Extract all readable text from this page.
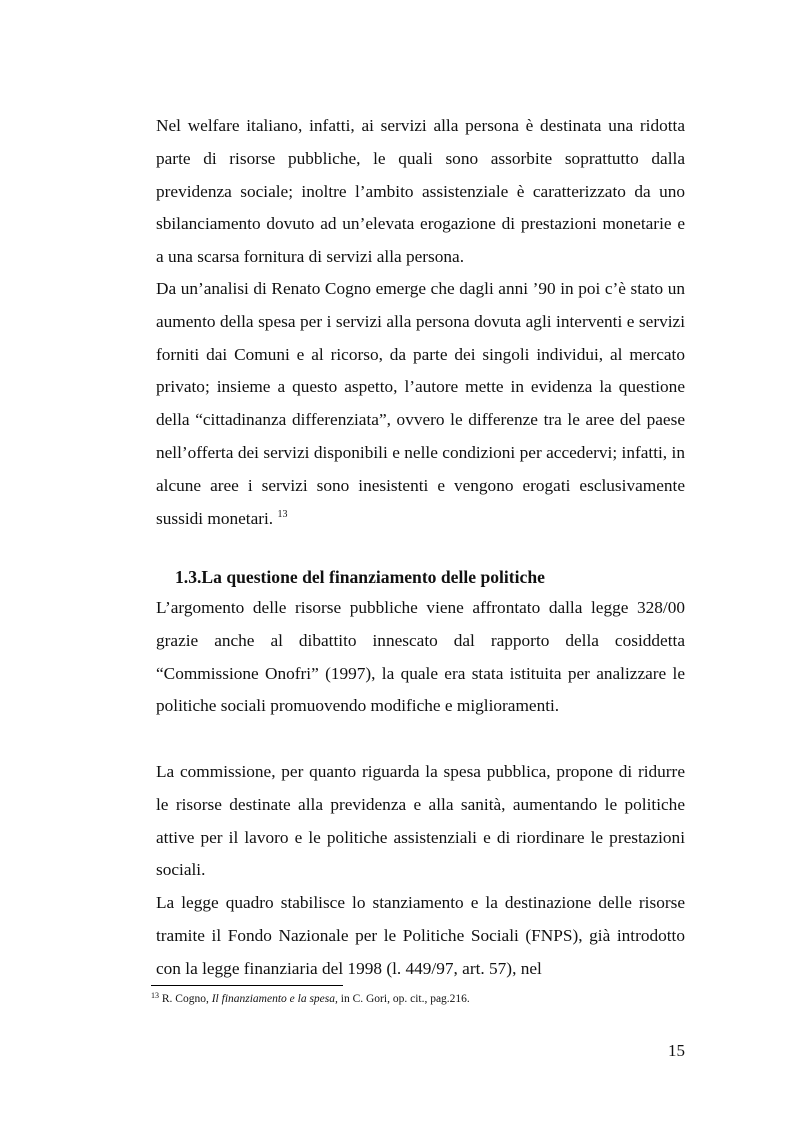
Nel welfare italiano, infatti, ai servizi alla persona è destinata una ridotta parte di risorse pubbliche, le quali sono assorbite soprattutto dalla previdenza sociale; inoltre l’ambito assistenziale è caratterizzato da uno sbilanciamento dovuto ad un’elevata erogazione di prestazioni monetarie e a una scarsa fornitura di servizi alla persona.

Da un’analisi di Renato Cogno emerge che dagli anni ’90 in poi c’è stato un aumento della spesa per i servizi alla persona dovuta agli interventi e servizi forniti dai Comuni e al ricorso, da parte dei singoli individui, al mercato privato; insieme a questo aspetto, l’autore mette in evidenza la questione della “cittadinanza differenziata”, ovvero le differenze tra le aree del paese nell’offerta dei servizi disponibili e nelle condizioni per accedervi; infatti, in alcune aree i servizi sono inesistenti e vengono erogati esclusivamente sussidi monetari. $^{13}$

1.3.La questione del finanziamento delle politiche

L’argomento delle risorse pubbliche viene affrontato dalla legge 328/00 grazie anche al dibattito innescato dal rapporto della cosiddetta “Commissione Onofri” (1997), la quale era stata istituita per analizzare le politiche sociali promuovendo modifiche e miglioramenti.

La commissione, per quanto riguarda la spesa pubblica, propone di ridurre le risorse destinate alla previdenza e alla sanità, aumentando le politiche attive per il lavoro e le politiche assistenziali e di riordinare le prestazioni sociali.

La legge quadro stabilisce lo stanziamento e la destinazione delle risorse tramite il Fondo Nazionale per le Politiche Sociali (FNPS), già introdotto con la legge finanziaria del 1998 (l. 449/97, art. 57), nel

$^{13}$ R. Cogno, Il finanziamento e la spesa, in C. Gori, op. cit., pag.216.

15
